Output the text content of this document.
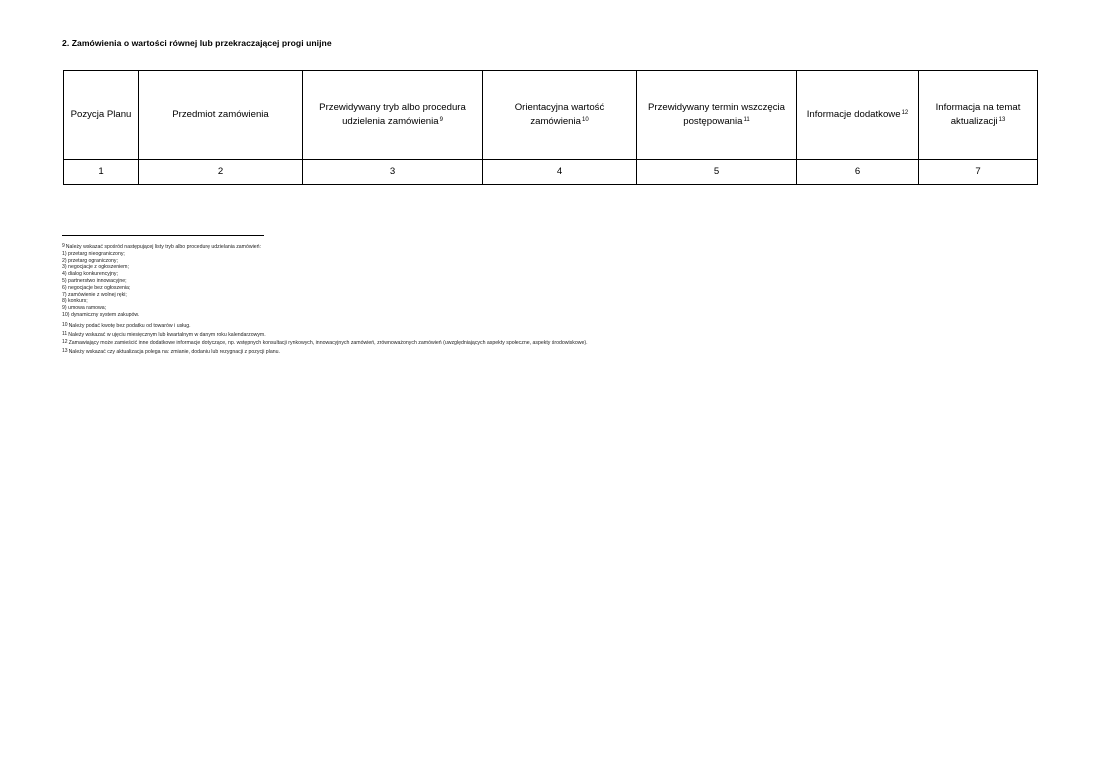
2. Zamówienia o wartości równej lub przekraczającej progi unijne
Pozycja Planu	Przedmiot zamówienia	Przewidywany tryb albo procedura udzielenia zamówienia$^9$	Orientacyjna wartość zamówienia$^{10}$	Przewidywany termin wszczęcia postępowania$^{11}$	Informacje dodatkowe$^{12}$	Informacja na temat aktualizacji$^{13}$
1	2	3	4	5	6	7
$^9$Należy wskazać spośród następującej listy tryb albo procedurę udzielania zamówień:
1) przetarg nieograniczony;
2) przetarg ograniczony;
3) negocjacje z ogłoszeniem;
4) dialog konkurencyjny;
5) partnerstwo innowacyjne;
6) negocjacje bez ogłoszenia;
7) zamówienie z wolnej ręki;
8) konkurs;
9) umowa ramowa;
10) dynamiczny system zakupów.
$^{10}$Należy podać kwotę bez podatku od towarów i usług.
$^{11}$Należy wskazać w ujęciu miesięcznym lub kwartalnym w danym roku kalendarzowym.
$^{12}$Zamawiający może zamieścić inne dodatkowe informacje dotyczące, np. wstępnych konsultacji rynkowych, innowacyjnych zamówień, zrównoważonych zamówień (uwzględniających aspekty społeczne, aspekty środowiskowe).
$^{13}$Należy wskazać czy aktualizacja polega na: zmianie, dodaniu lub rezygnacji z pozycji planu.
